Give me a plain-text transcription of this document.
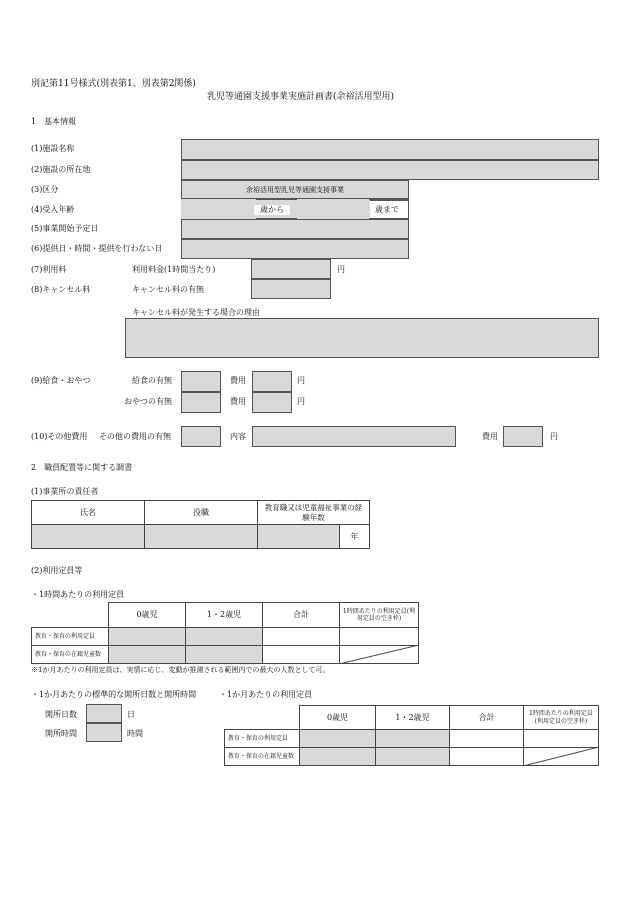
別記第11号様式(別表第1、別表第2関係)
乳児等通園支援事業実施計画書(余裕活用型用)
1　基本情報
(1)施設名称
(2)施設の所在地
(3)区分	余裕活用型乳児等通園支援事業
(4)受入年齢	歳から	歳まで
(5)事業開始予定日
(6)提供日・時間・提供を行わない日
(7)利用料	利用料金(1時間当たり)	円
(8)キャンセル料	キャンセル料の有無
キャンセル料が発生する場合の理由
(9)給食・おやつ	給食の有無	費用	円
おやつの有無	費用	円
(10)その他費用 その他の費用の有無	内容	費用	円
2　職員配置等に関する調書
(1)事業所の責任者
氏名	役職	教育職又は児童福祉事業の経験年数
年
(2)利用定員等
・1時間あたりの利用定員
0歳児	1・2歳児	合計	1時間あたりの利用定員(利用定員の空き枠)
教育・保育の利用定員
教育・保育の在籍児童数
※1か月あたりの利用定員は、実情に応じ、変動が推測される範囲内での最大の人数として可。
・1か月あたりの標準的な開所日数と開所時間
開所日数	日
開所時間	時間
・1か月あたりの利用定員
0歳児	1・2歳児	合計	1時間あたりの利用定員(利用定員の空き枠)
教育・保育の利用定員
教育・保育の在籍児童数
